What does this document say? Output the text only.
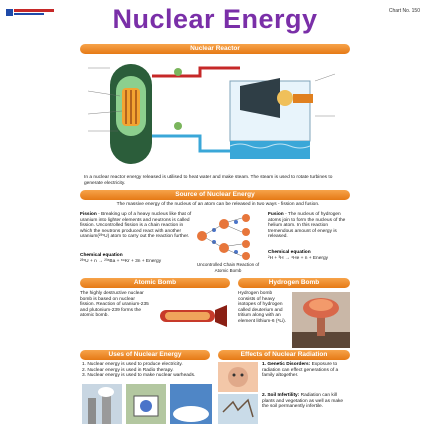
Chart No. 150
Nuclear Energy
Nuclear Reactor
In a nuclear reactor energy released is utilised to heat water and make steam. The steam is used to rotate turbines to generate electricity.
Source of Nuclear Energy
The massive energy of the nucleus of an atom can be released in two ways - fission and fusion.
Fission - Breaking up of a heavy nucleus like that of uranium into lighter elements and neutrons is called fission. Uncontrolled fission is a chain reaction in which the neutrons produced react with another uranium(²³⁵U) atom to carry out the reaction further.
Chemical equation
²³⁵U + n → ²³⁶Ba + ⁸⁹Kr + 3n + Energy
Uncontrolled Chain Reaction of Atomic Bomb
Fusion - The nucleus of hydrogen atoms join to form the nucleus of the helium atom. In this reaction tremendous amount of energy is released.
Chemical equation
²H + ³H → ⁴He + n + Energy
Atomic Bomb
The highly destructive nuclear bomb is based on nuclear fission. Reaction of uranium-235 and plutonium-239 forms the atomic bomb.
Hydrogen Bomb
Hydrogen bomb consists of heavy isotopes of hydrogen called deuterium and tritium along with an element lithium-6 (⁶Li).
Uses of Nuclear Energy
1. Nuclear energy is used to produce electricity.
2. Nuclear energy is used in Radio therapy.
3. Nuclear energy is used to make nuclear warheads.
Effects of Nuclear Radiation
1. Genetic Disorders: Exposure to radiation can effect generations of a family altogether.
2. Soil Infertility: Radiation can kill plants and vegetation as well as make the soil permanently infertile.
